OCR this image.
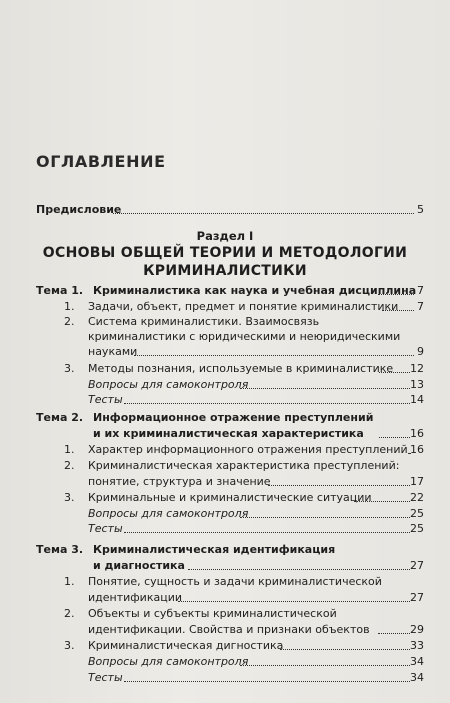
ОГЛАВЛЕНИЕ
Предисловие	5
Раздел I
ОСНОВЫ ОБЩЕЙ ТЕОРИИ И МЕТОДОЛОГИИ
КРИМИНАЛИСТИКИ
Тема 1. Криминалистика как наука и учебная дисциплина 7
1. Задачи, объект, предмет и понятие криминалистики 7
2. Система криминалистики. Взаимосвязь
криминалистики с юридическими и неюридическими
науками	9
3. Методы познания, используемые в криминалистике 12
Вопросы для самоконтроля	13
Тесты	14
Тема 2. Информационное отражение преступлений
и их криминалистическая характеристика	16
1. Характер информационного отражения преступлений 16
2. Криминалистическая характеристика преступлений:
понятие, структура и значение	17
3. Криминальные и криминалистические ситуации	22
Вопросы для самоконтроля	25
Тесты	25
Тема 3. Криминалистическая идентификация
и диагностика	27
1. Понятие, сущность и задачи криминалистической
идентификации	27
2. Объекты и субъекты криминалистической
идентификации. Свойства и признаки объектов	29
3. Криминалистическая дигностика	33
Вопросы для самоконтроля	34
Тесты	34
